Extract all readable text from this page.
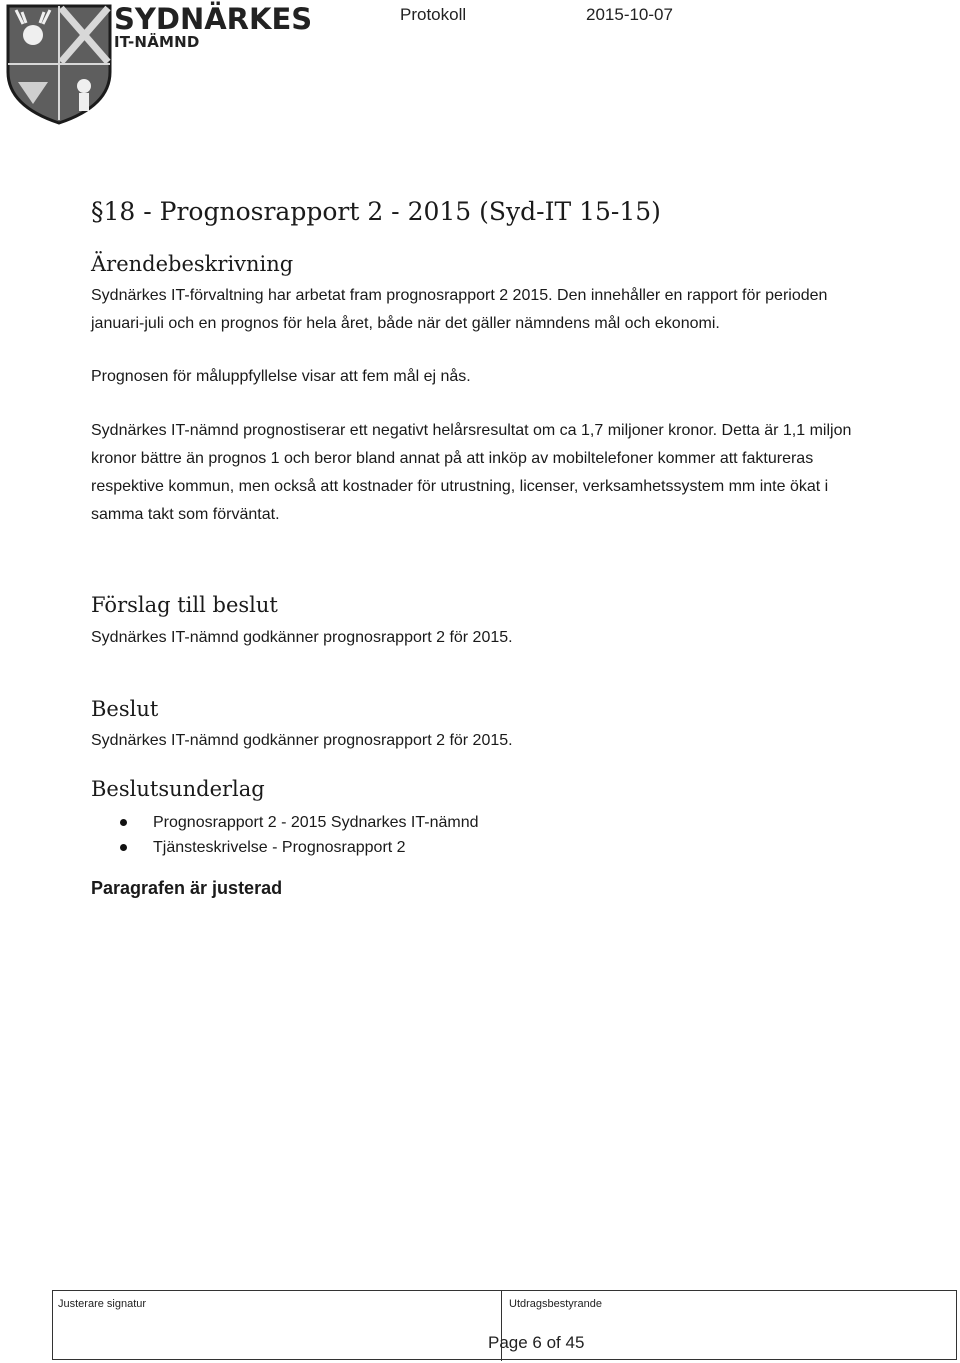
SYDNÄRKES
IT-NÄMND
Protokoll	2015-10-07
§18 - Prognosrapport 2 - 2015 (Syd-IT 15-15)
Ärendebeskrivning

Sydnärkes IT-förvaltning har arbetat fram prognosrapport 2 2015. Den innehåller en rapport för perioden januari-juli och en prognos för hela året, både när det gäller nämndens mål och ekonomi.

Prognosen för måluppfyllelse visar att fem mål ej nås.

Sydnärkes IT-nämnd prognostiserar ett negativt helårsresultat om ca 1,7 miljoner kronor. Detta är 1,1 miljon kronor bättre än prognos 1 och beror bland annat på att inköp av mobiltelefoner kommer att faktureras respektive kommun, men också att kostnader för utrustning, licenser, verksamhetssystem mm inte ökat i samma takt som förväntat.

Förslag till beslut

Sydnärkes IT-nämnd godkänner prognosrapport 2 för 2015.

Beslut

Sydnärkes IT-nämnd godkänner prognosrapport 2 för 2015.

Beslutsunderlag
Prognosrapport 2 - 2015 Sydnarkes IT-nämnd
Tjänsteskrivelse - Prognosrapport 2

Paragrafen är justerad

Justerare signatur	Utdragsbestyrande
Page 6 of 45
